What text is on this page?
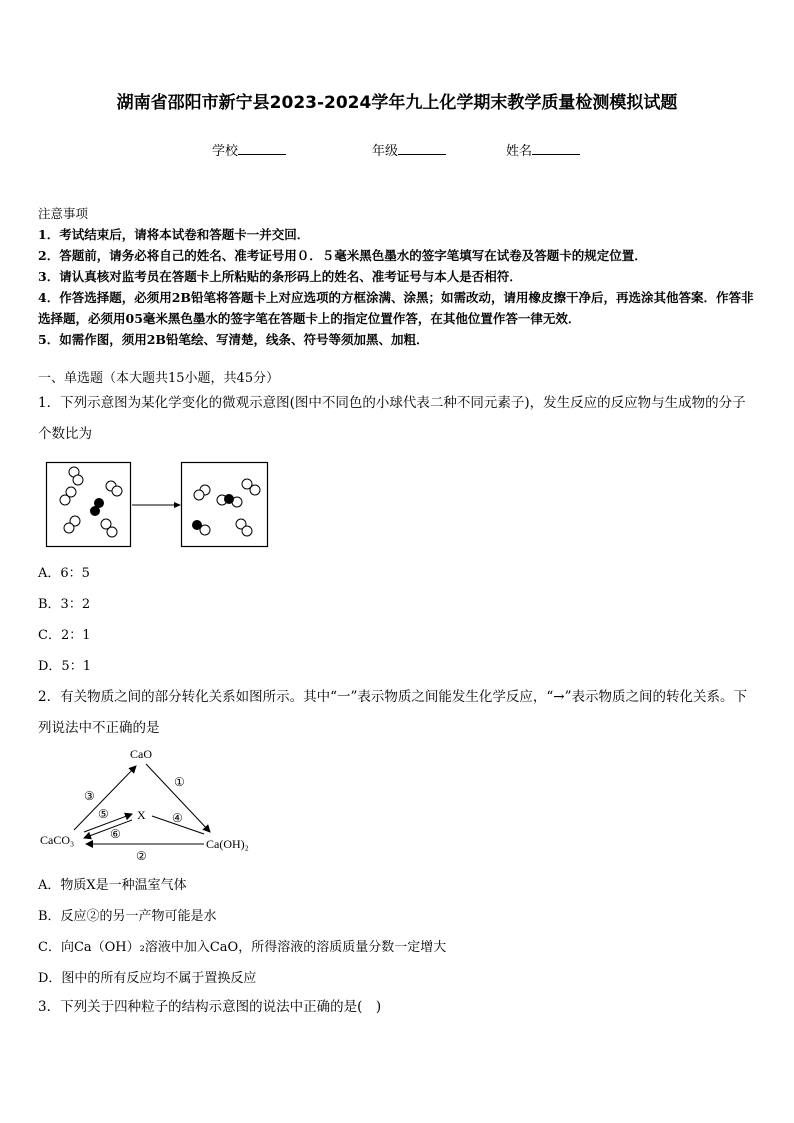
湖南省邵阳市新宁县2023-2024学年九上化学期末教学质量检测模拟试题
学校	年级	姓名
注意事项
1．考试结束后，请将本试卷和答题卡一并交回．
2．答题前，请务必将自己的姓名、准考证号用０．５毫米黑色墨水的签字笔填写在试卷及答题卡的规定位置．
3．请认真核对监考员在答题卡上所粘贴的条形码上的姓名、准考证号与本人是否相符．
4．作答选择题，必须用2B铅笔将答题卡上对应选项的方框涂满、涂黑；如需改动，请用橡皮擦干净后，再选涂其他答案．作答非选择题，必须用05毫米黑色墨水的签字笔在答题卡上的指定位置作答，在其他位置作答一律无效．
5．如需作图，须用2B铅笔绘、写清楚，线条、符号等须加黑、加粗．
一、单选题（本大题共15小题，共45分）
1．下列示意图为某化学变化的微观示意图(图中不同色的小球代表二种不同元素子)，发生反应的反应物与生成物的分子个数比为
A．6：5
B．3：2
C．2：1
D．5：1
2．有关物质之间的部分转化关系如图所示。其中“一”表示物质之间能发生化学反应，“→”表示物质之间的转化关系。下列说法中不正确的是
CaO
X
CaCO₃	Ca(OH)₂
①
②
③
④
⑤
⑥
A．物质X是一种温室气体
B．反应②的另一产物可能是水
C．向Ca（OH）₂溶液中加入CaO，所得溶液的溶质质量分数一定增大
D．图中的所有反应均不属于置换反应
3．下列关于四种粒子的结构示意图的说法中正确的是(　)
